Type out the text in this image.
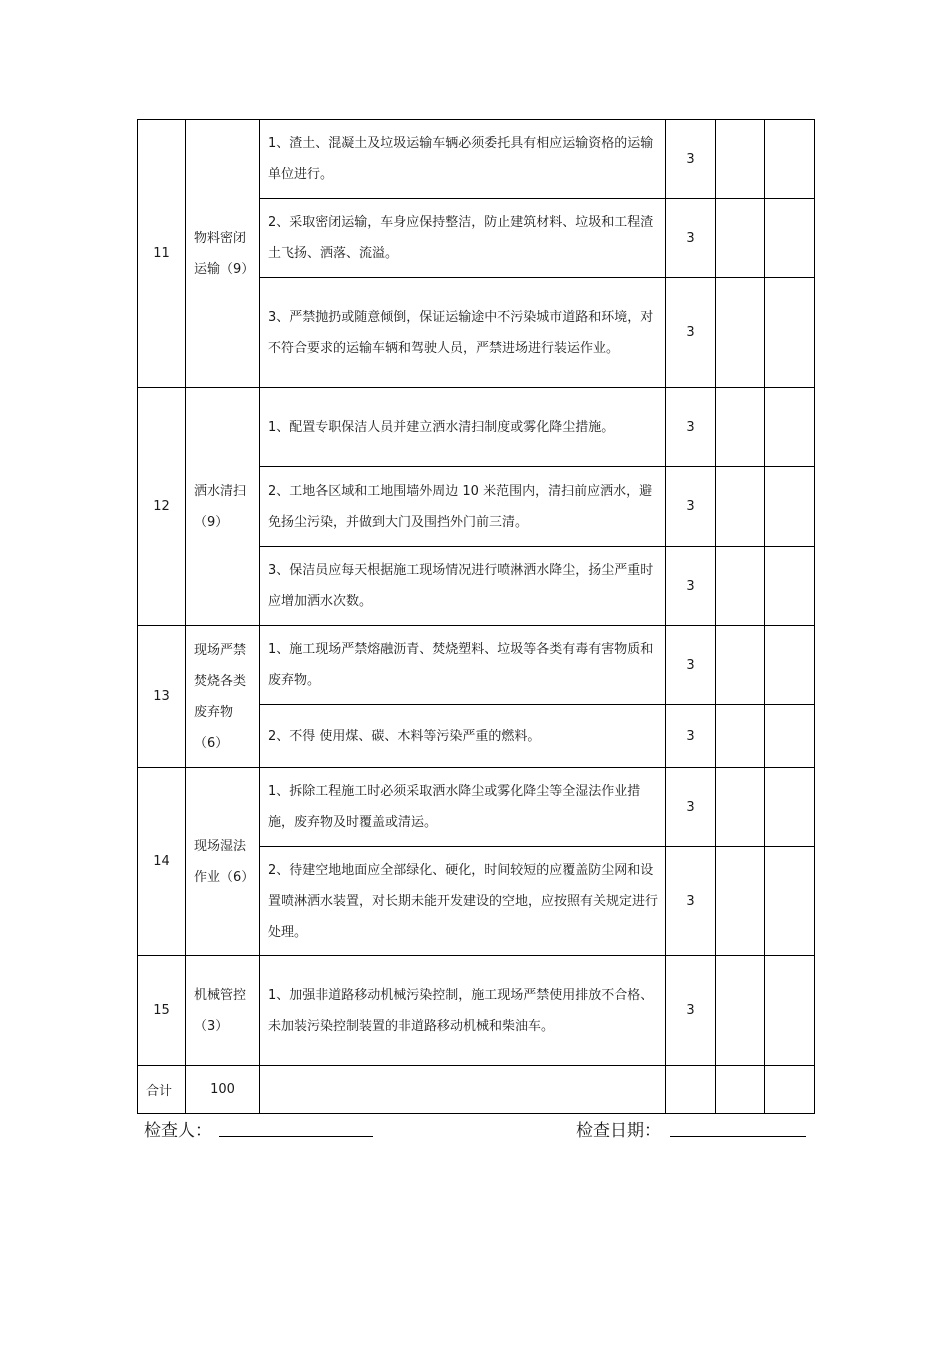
11	物料密闭运输（9）	1、渣土、混凝土及垃圾运输车辆必须委托具有相应运输资格的运输单位进行。	3		
		2、采取密闭运输，车身应保持整洁，防止建筑材料、垃圾和工程渣土飞扬、洒落、流溢。	3		
		3、严禁抛扔或随意倾倒，保证运输途中不污染城市道路和环境，对不符合要求的运输车辆和驾驶人员，严禁进场进行装运作业。	3		
12	洒水清扫（9）	1、配置专职保洁人员并建立洒水清扫制度或雾化降尘措施。	3		
		2、工地各区域和工地围墙外周边 10 米范围内，清扫前应洒水，避免扬尘污染，并做到大门及围挡外门前三清。	3		
		3、保洁员应每天根据施工现场情况进行喷淋洒水降尘，扬尘严重时应增加洒水次数。	3		
13	现场严禁焚烧各类废弃物（6）	1、施工现场严禁熔融沥青、焚烧塑料、垃圾等各类有毒有害物质和废弃物。	3		
		2、不得 使用煤、碳、木料等污染严重的燃料。	3		
14	现场湿法作业（6）	1、拆除工程施工时必须采取洒水降尘或雾化降尘等全湿法作业措施，废弃物及时覆盖或清运。	3		
		2、待建空地地面应全部绿化、硬化，时间较短的应覆盖防尘网和设置喷淋洒水装置，对长期未能开发建设的空地，应按照有关规定进行处理。	3		
15	机械管控（3）	1、加强非道路移动机械污染控制，施工现场严禁使用排放不合格、未加装污染控制装置的非道路移动机械和柴油车。	3		
合计	100				
检查人：	检查日期：
